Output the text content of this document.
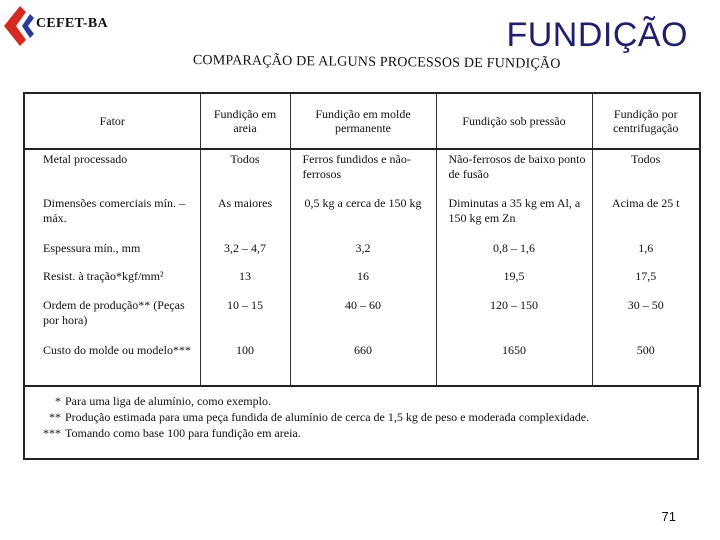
CEFET-BA	FUNDIÇÃO
COMPARAÇÃO DE ALGUNS PROCESSOS DE FUNDIÇÃO
Fator	Fundição em areia	Fundição em molde permanente	Fundição sob pressão	Fundição por centrifugação
Metal processado	Todos	Ferros fundidos e não-ferrosos	Não-ferrosos de baixo ponto de fusão	Todos
Dimensões comerciais mín. – máx.	As maiores	0,5 kg a cerca de 150 kg	Diminutas a 35 kg em Al, a 150 kg em Zn	Acima de 25 t
Espessura mín., mm	3,2 – 4,7	3,2	0,8 – 1,6	1,6
Resist. à tração*kgf/mm²	13	16	19,5	17,5
Ordem de produção** (Peças por hora)	10 – 15	40 – 60	120 – 150	30 – 50
Custo do molde ou modelo***	100	660	1650	500
* Para uma liga de alumínio, como exemplo.
** Produção estimada para uma peça fundida de alumínio de cerca de 1,5 kg de peso e moderada complexidade.
*** Tomando como base 100 para fundição em areia.
71
